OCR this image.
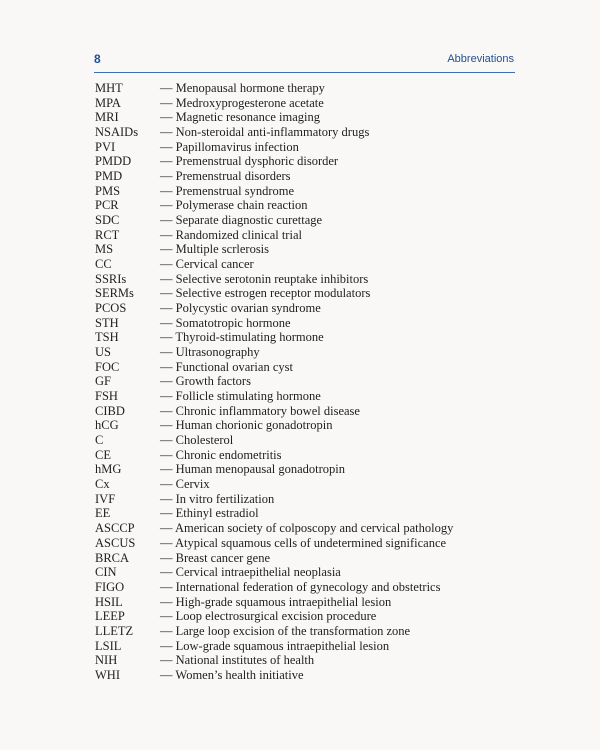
8	Abbreviations
MHT	— Menopausal hormone therapy
MPA	— Medroxyprogesterone acetate
MRI	— Magnetic resonance imaging
NSAIDs	— Non-steroidal anti-inflammatory drugs
PVI	— Papillomavirus infection
PMDD	— Premenstrual dysphoric disorder
PMD	— Premenstrual disorders
PMS	— Premenstrual syndrome
PCR	— Polymerase chain reaction
SDC	— Separate diagnostic curettage
RCT	— Randomized clinical trial
MS	— Multiple scrlerosis
CC	— Cervical cancer
SSRIs	— Selective serotonin reuptake inhibitors
SERMs	— Selective estrogen receptor modulators
PCOS	— Polycystic ovarian syndrome
STH	— Somatotropic hormone
TSH	— Thyroid-stimulating hormone
US	— Ultrasonography
FOC	— Functional ovarian cyst
GF	— Growth factors
FSH	— Follicle stimulating hormone
CIBD	— Chronic inflammatory bowel disease
hCG	— Human chorionic gonadotropin
C	— Cholesterol
CE	— Chronic endometritis
hMG	— Human menopausal gonadotropin
Cx	— Cervix
IVF	— In vitro fertilization
EE	— Ethinyl estradiol
ASCCP	— American society of colposcopy and cervical pathology
ASCUS	— Atypical squamous cells of undetermined significance
BRCA	— Breast cancer gene
CIN	— Cervical intraepithelial neoplasia
FIGO	— International federation of gynecology and obstetrics
HSIL	— High-grade squamous intraepithelial lesion
LEEP	— Loop electrosurgical excision procedure
LLETZ	— Large loop excision of the transformation zone
LSIL	— Low-grade squamous intraepithelial lesion
NIH	— National institutes of health
WHI	— Women’s health initiative
